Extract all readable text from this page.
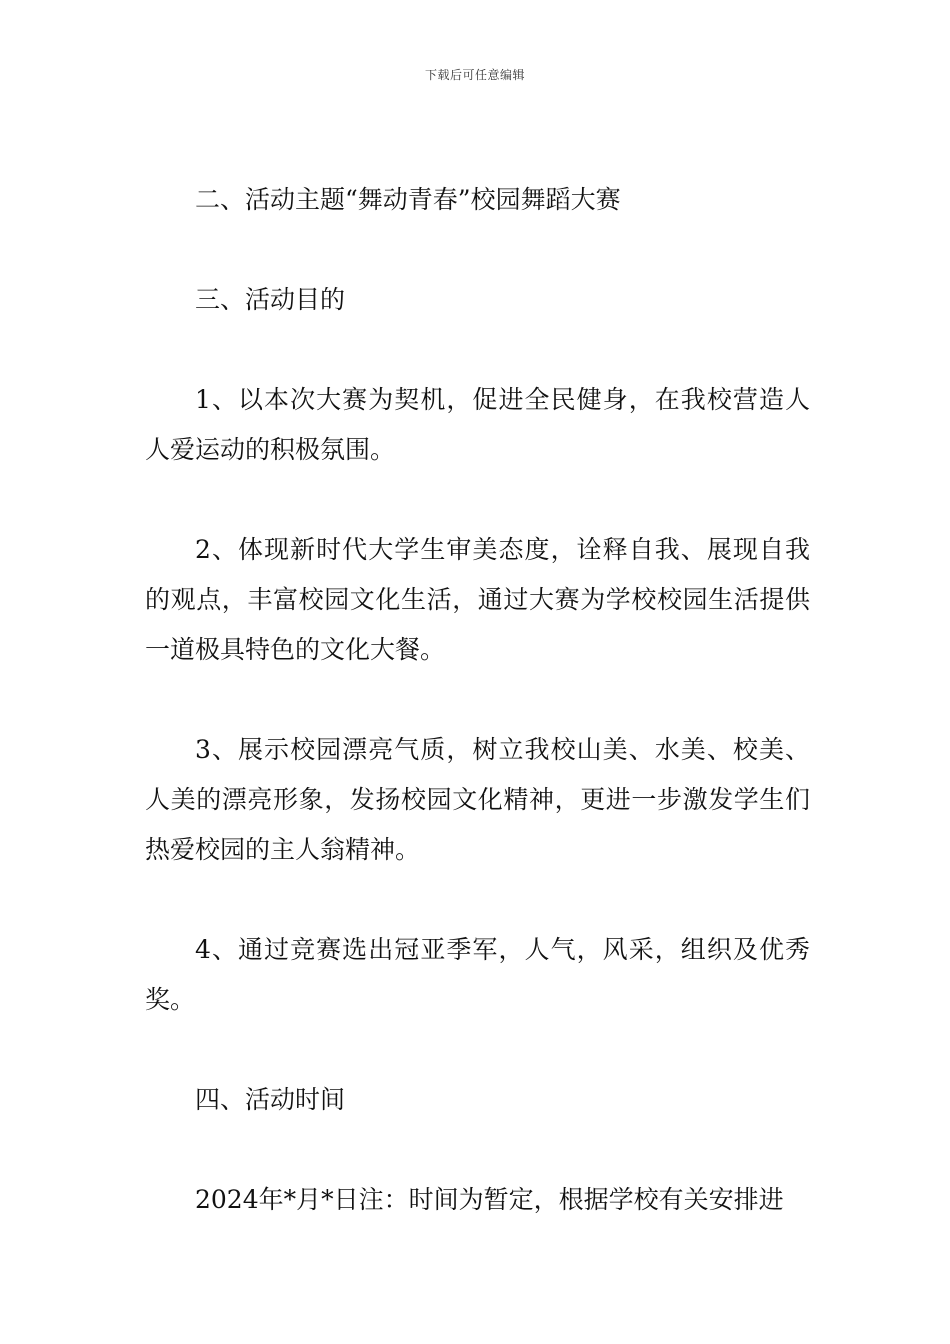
下载后可任意编辑

二、活动主题“舞动青春”校园舞蹈大赛

三、活动目的

1、以本次大赛为契机，促进全民健身，在我校营造人人爱运动的积极氛围。

2、体现新时代大学生审美态度，诠释自我、展现自我的观点，丰富校园文化生活，通过大赛为学校校园生活提供一道极具特色的文化大餐。

3、展示校园漂亮气质，树立我校山美、水美、校美、人美的漂亮形象，发扬校园文化精神，更进一步激发学生们热爱校园的主人翁精神。

4、通过竞赛选出冠亚季军，人气，风采，组织及优秀奖。

四、活动时间

2024年*月*日注：时间为暂定，根据学校有关安排进
